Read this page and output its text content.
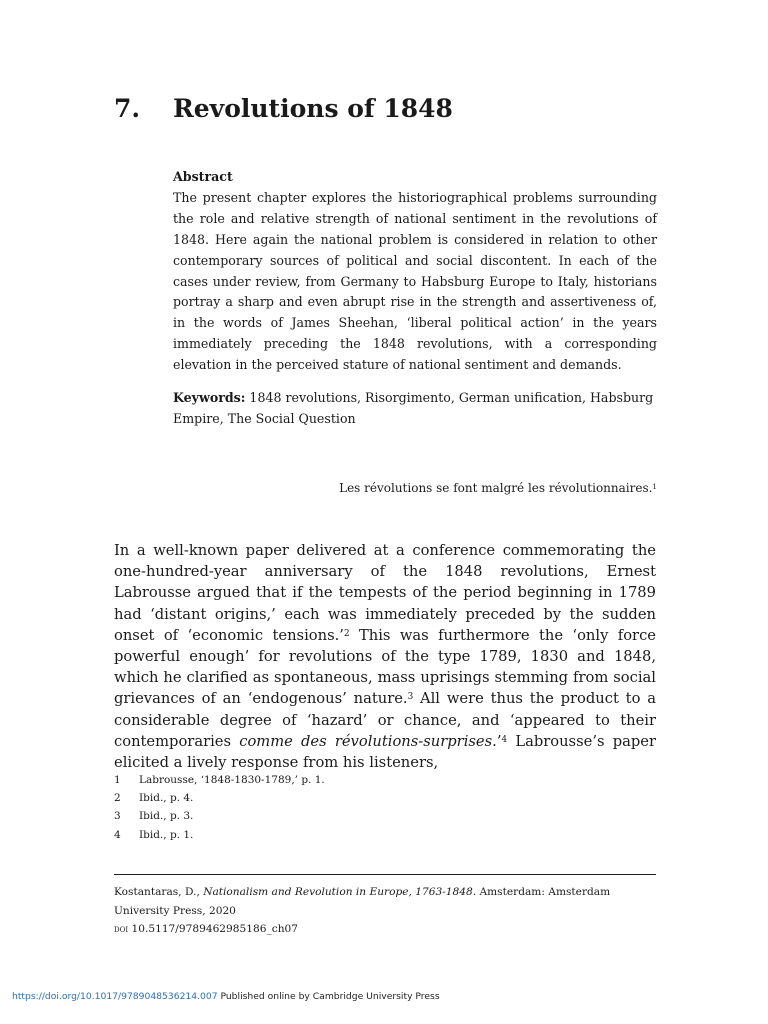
7. Revolutions of 1848
Abstract
The present chapter explores the historiographical problems surrounding the role and relative strength of national sentiment in the revolutions of 1848. Here again the national problem is considered in relation to other contemporary sources of political and social discontent. In each of the cases under review, from Germany to Habsburg Europe to Italy, historians portray a sharp and even abrupt rise in the strength and assertiveness of, in the words of James Sheehan, ‘liberal political action’ in the years immediately preceding the 1848 revolutions, with a corresponding elevation in the perceived stature of national sentiment and demands.
Keywords: 1848 revolutions, Risorgimento, German unification, Habsburg Empire, The Social Question
Les révolutions se font malgré les révolutionnaires.$^1$
In a well-known paper delivered at a conference commemorating the one-hundred-year anniversary of the 1848 revolutions, Ernest Labrousse argued that if the tempests of the period beginning in 1789 had ‘distant origins,’ each was immediately preceded by the sudden onset of ‘economic tensions.’$^2$ This was furthermore the ‘only force powerful enough’ for revolutions of the type 1789, 1830 and 1848, which he clarified as spontaneous, mass uprisings stemming from social grievances of an ‘endogenous’ nature.$^3$ All were thus the product to a considerable degree of ‘hazard’ or chance, and ‘appeared to their contemporaries comme des révolutions-surprises.’$^4$ Labrousse’s paper elicited a lively response from his listeners,
1 Labrousse, ‘1848-1830-1789,’ p. 1.
2 Ibid., p. 4.
3 Ibid., p. 3.
4 Ibid., p. 1.
Kostantaras, D., Nationalism and Revolution in Europe, 1763-1848. Amsterdam: Amsterdam University Press, 2020
doi 10.5117/9789462985186_ch07
https://doi.org/10.1017/9789048536214.007 Published online by Cambridge University Press
